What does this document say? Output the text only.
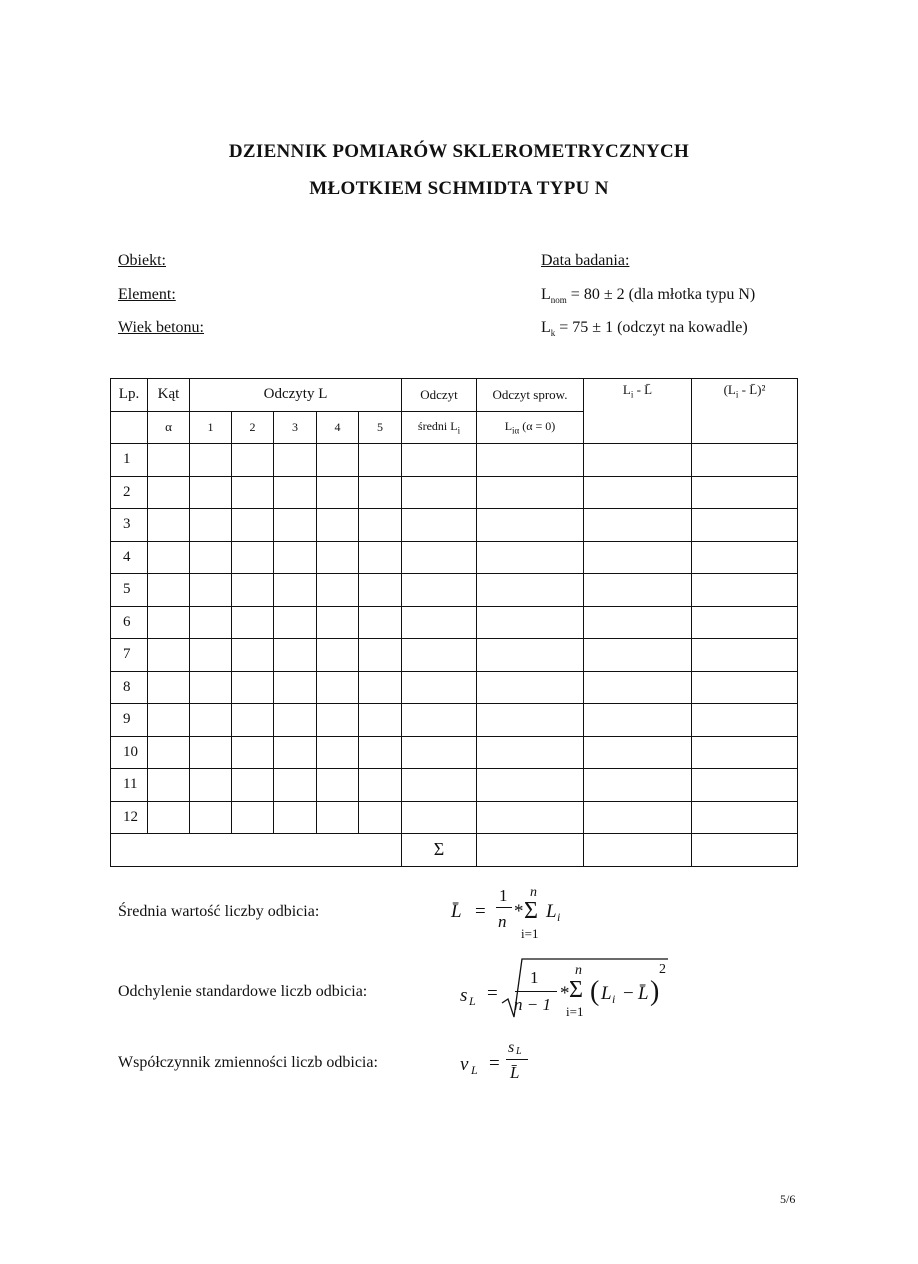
DZIENNIK POMIARÓW SKLEROMETRYCZNYCH
MŁOTKIEM SCHMIDTA TYPU N
Obiekt:
Element:
Wiek betonu:
Data badania:
$L_{nom} = 80 \pm 2$ (dla młotka typu N)
$L_k = 75 \pm 1$ (odczyt na kowadle)
Lp.	Kąt	Odczyty L					Odczyt	Odczyt sprow.	$L_i$ - L̄	($L_i$ - L̄)²
	α	1	2	3	4	5	średni $L_i$	$L_{i\alpha}$ (α = 0)		
1										
2										
3										
4										
5										
6										
7										
8										
9										
10										
11										
12										
							Σ			
Średnia wartość liczby odbicia:
Odchylenie standardowe liczb odbicia:
Współczynnik zmienności liczb odbicia:
L̄ =
1
n *
n
Σ
i=1
L i
s L =
1
n − 1
*
n
Σ
i=1
( L i − L̄ )
2
v L =
s L
L̄
5/6
